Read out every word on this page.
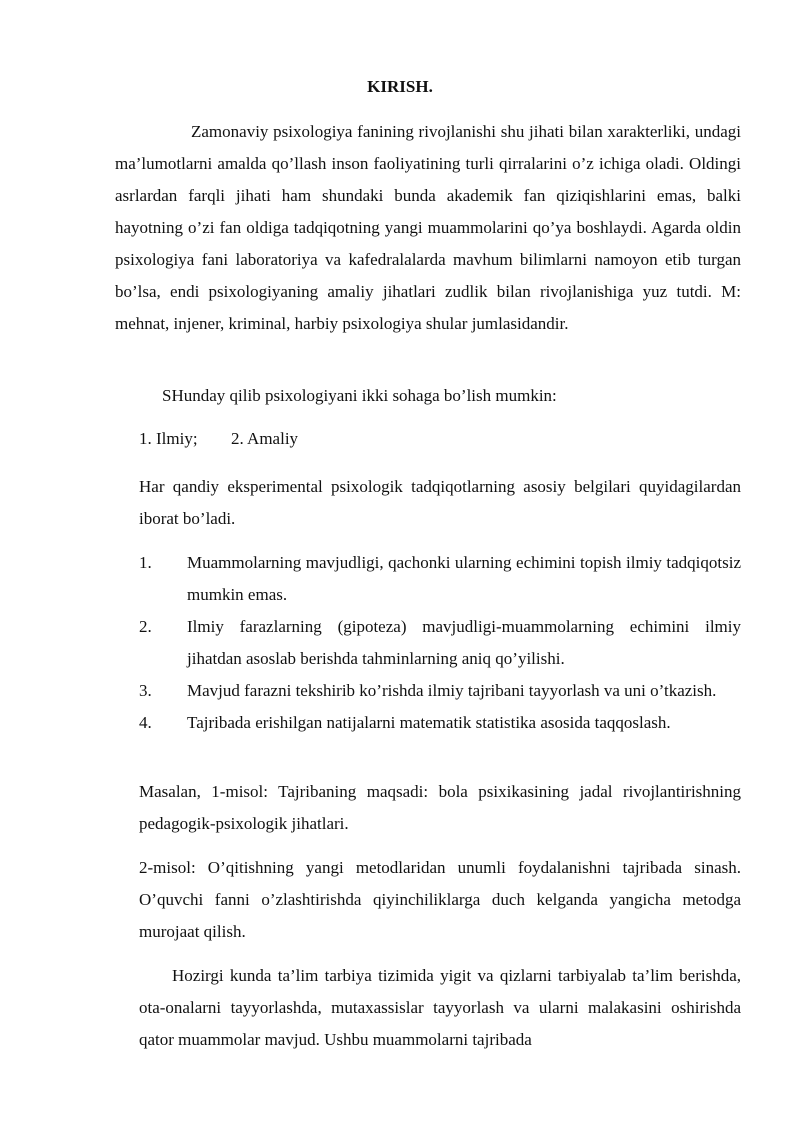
KIRISH.

Zamonaviy psixologiya fanining rivojlanishi shu jihati bilan xarakterliki, undagi ma’lumotlarni amalda qo’llash inson faoliyatining turli qirralarini o’z ichiga oladi. Oldingi asrlardan farqli jihati ham shundaki bunda akademik fan qiziqishlarini emas, balki hayotning o’zi fan oldiga tadqiqotning yangi muammolarini qo’ya boshlaydi. Agarda oldin psixologiya fani laboratoriya va kafedralalarda mavhum bilimlarni namoyon etib turgan bo’lsa, endi psixologiyaning amaliy jihatlari zudlik bilan rivojlanishiga yuz tutdi. M: mehnat, injener, kriminal, harbiy psixologiya shular jumlasidandir.

SHunday qilib psixologiyani ikki sohaga bo’lish mumkin:

1. Ilmiy;	2. Amaliy

Har qandiy eksperimental psixologik tadqiqotlarning asosiy belgilari quyidagilardan iborat bo’ladi.

1.	Muammolarning mavjudligi, qachonki ularning echimini topish ilmiy tadqiqotsiz mumkin emas.
2.	Ilmiy farazlarning (gipoteza) mavjudligi-muammolarning echimini ilmiy jihatdan asoslab berishda tahminlarning aniq qo’yilishi.
3.	Mavjud farazni tekshirib ko’rishda ilmiy tajribani tayyorlash va uni o’tkazish.
4.	Tajribada erishilgan natijalarni matematik statistika asosida taqqoslash.

Masalan, 1-misol: Tajribaning maqsadi: bola psixikasining jadal rivojlantirishning pedagogik-psixologik jihatlari.

2-misol: O’qitishning yangi metodlaridan unumli foydalanishni tajribada sinash. O’quvchi fanni o’zlashtirishda qiyinchiliklarga duch kelganda yangicha metodga murojaat qilish.

Hozirgi kunda ta’lim tarbiya tizimida yigit va qizlarni tarbiyalab ta’lim berishda, ota-onalarni tayyorlashda, mutaxassislar tayyorlash va ularni malakasini oshirishda qator muammolar mavjud. Ushbu muammolarni tajribada
